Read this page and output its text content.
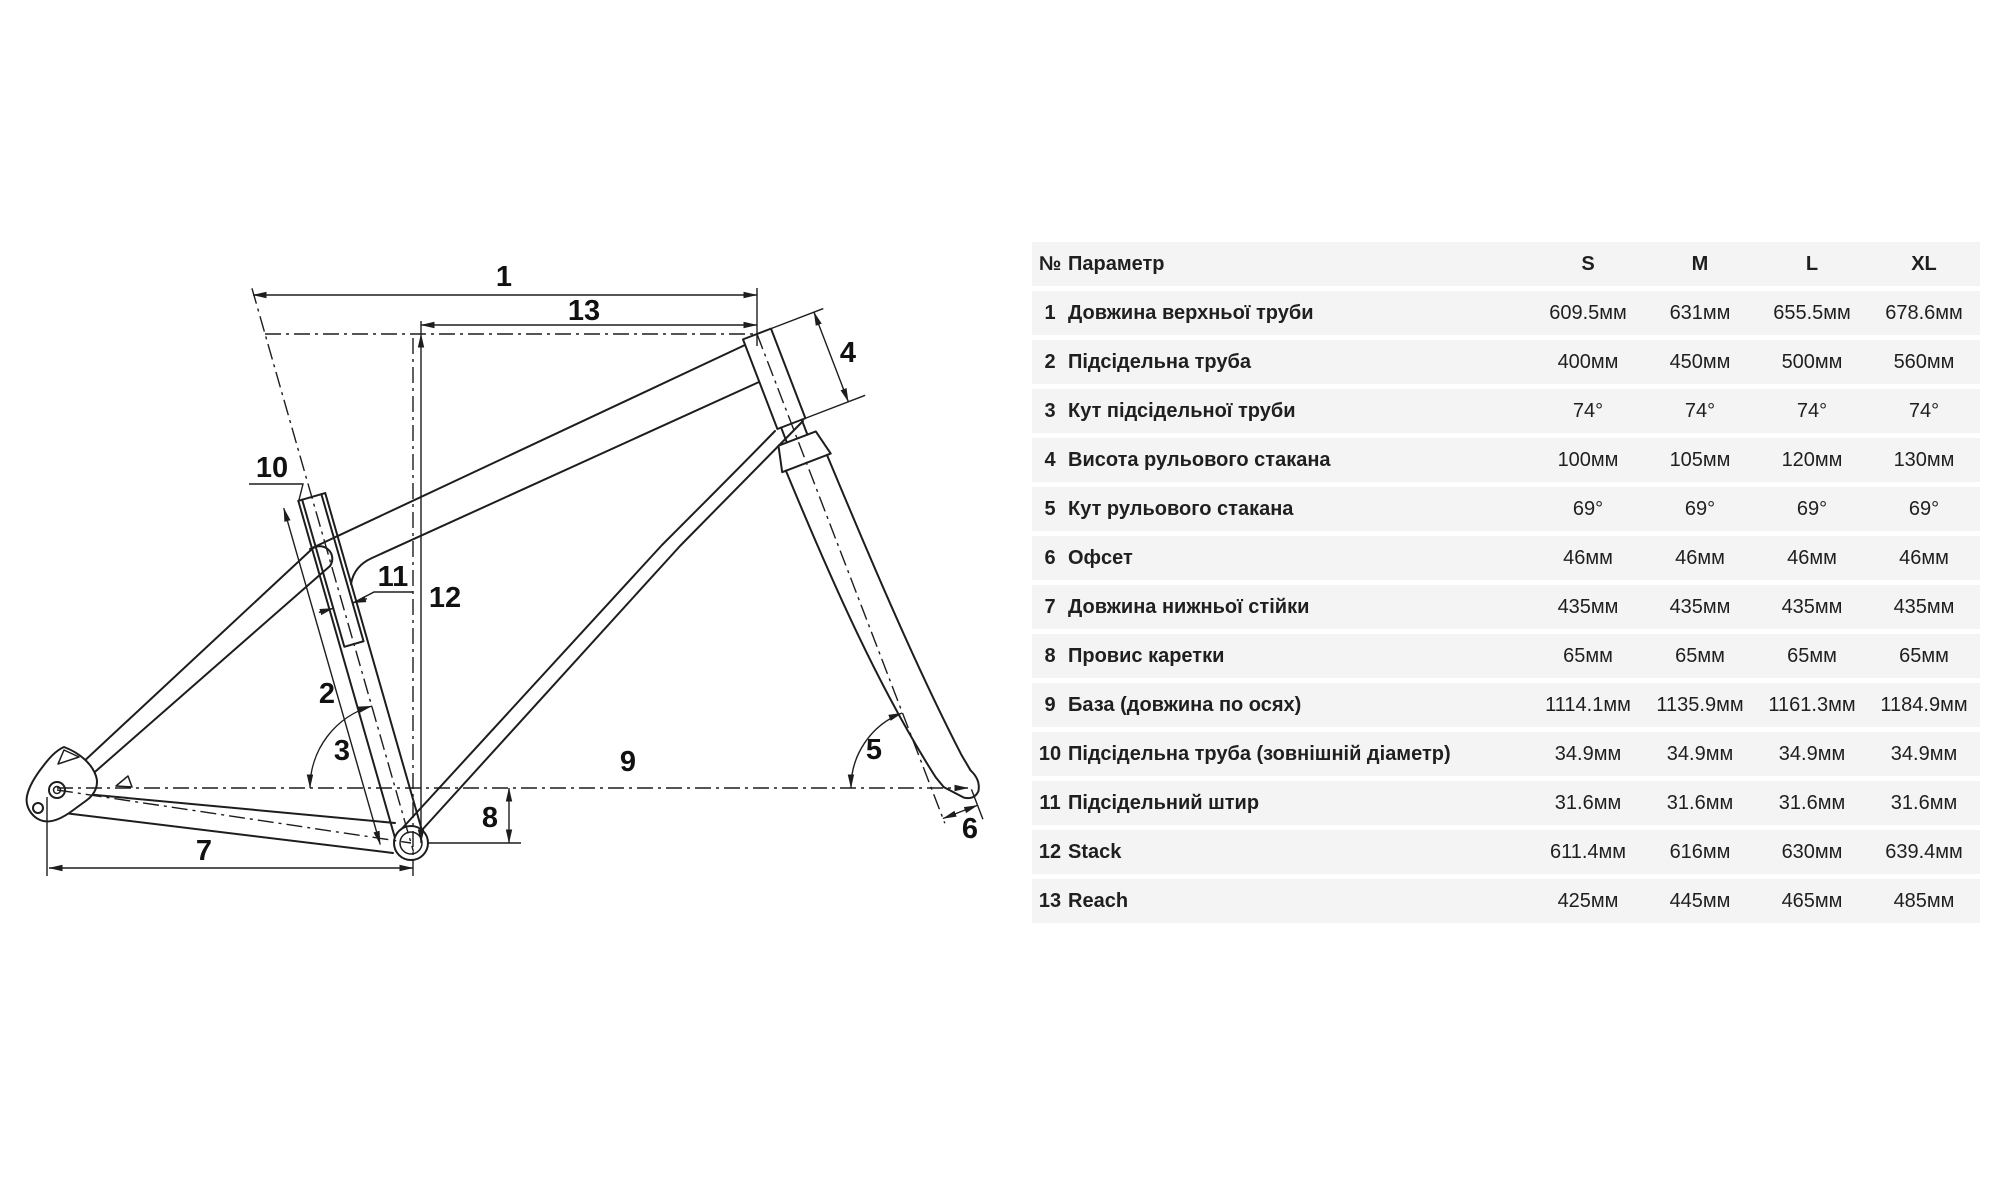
1
13
4
10
11
12
2
3	9	5
8
7
6
№ Параметр	S	M	L	XL
1 Довжина верхньої труби	609.5мм	631мм	655.5мм	678.6мм
2 Підсідельна труба	400мм	450мм	500мм	560мм
3 Кут підсідельної труби	74°	74°	74°	74°
4 Висота рульового стакана	100мм	105мм	120мм	130мм
5 Кут рульового стакана	69°	69°	69°	69°
6 Офсет	46мм	46мм	46мм	46мм
7 Довжина нижньої стійки	435мм	435мм	435мм	435мм
8 Провис каретки	65мм	65мм	65мм	65мм
9 База (довжина по осях)	1114.1мм	1135.9мм	1161.3мм	1184.9мм
10 Підсідельна труба (зовнішній діаметр)	34.9мм	34.9мм	34.9мм	34.9мм
11 Підсідельний штир	31.6мм	31.6мм	31.6мм	31.6мм
12 Stack	611.4мм	616мм	630мм	639.4мм
13 Reach	425мм	445мм	465мм	485мм
